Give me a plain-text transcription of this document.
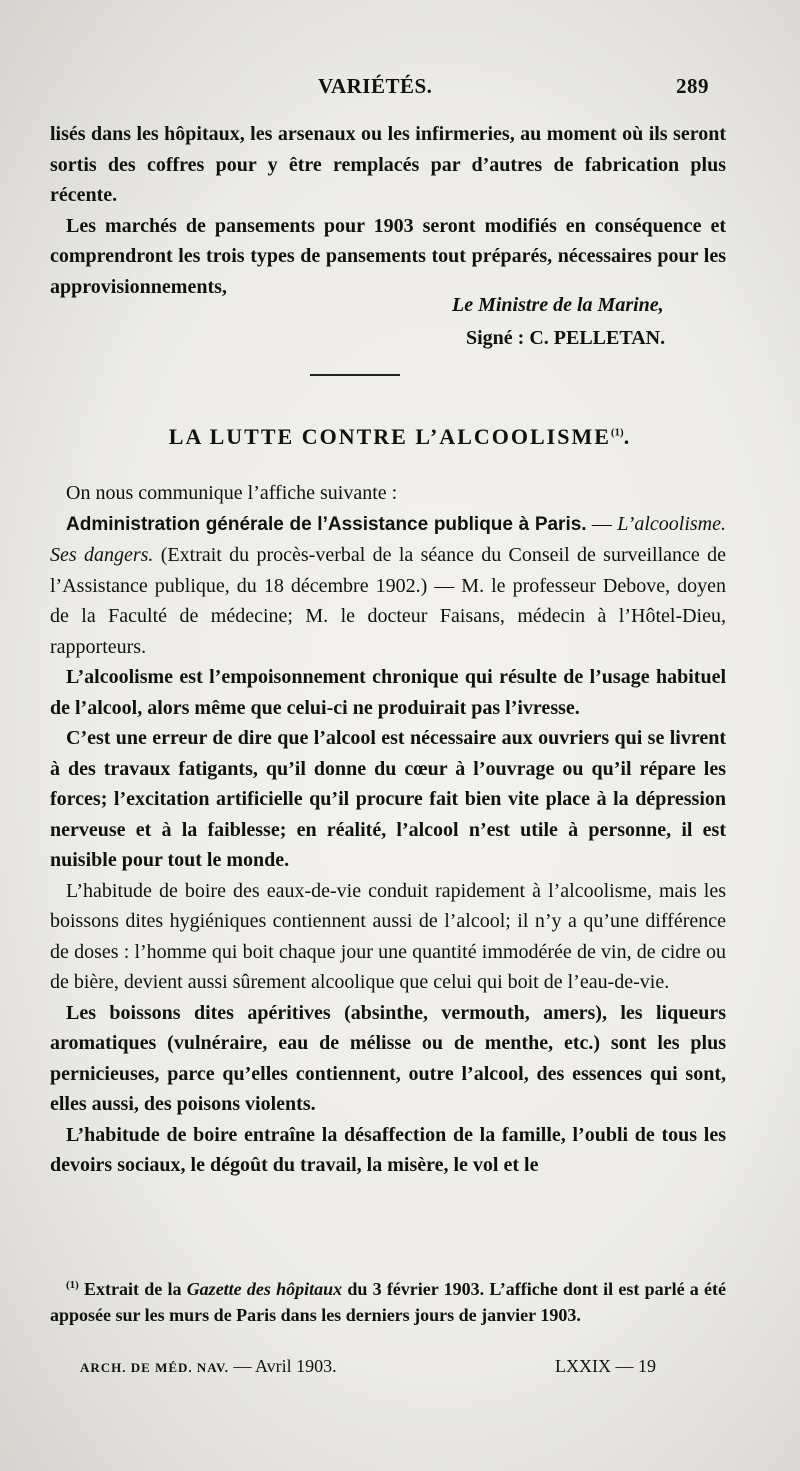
VARIÉTÉS.	289

lisés dans les hôpitaux, les arsenaux ou les infirmeries, au moment où ils seront sortis des coffres pour y être remplacés par d’autres de fabrication plus récente.

Les marchés de pansements pour 1903 seront modifiés en conséquence et comprendront les trois types de pansements tout préparés, nécessaires pour les approvisionnements,

Le Ministre de la Marine,
Signé : C. PELLETAN.
LA LUTTE CONTRE L’ALCOOLISME$^{(1)}$.

On nous communique l’affiche suivante :

Administration générale de l’Assistance publique à Paris. — L’alcoolisme. Ses dangers. (Extrait du procès-verbal de la séance du Conseil de surveillance de l’Assistance publique, du 18 décembre 1902.) — M. le professeur Debove, doyen de la Faculté de médecine; M. le docteur Faisans, médecin à l’Hôtel-Dieu, rapporteurs.

L’alcoolisme est l’empoisonnement chronique qui résulte de l’usage habituel de l’alcool, alors même que celui-ci ne produirait pas l’ivresse.

C’est une erreur de dire que l’alcool est nécessaire aux ouvriers qui se livrent à des travaux fatigants, qu’il donne du cœur à l’ouvrage ou qu’il répare les forces; l’excitation artificielle qu’il procure fait bien vite place à la dépression nerveuse et à la faiblesse; en réalité, l’alcool n’est utile à personne, il est nuisible pour tout le monde.

L’habitude de boire des eaux-de-vie conduit rapidement à l’alcoolisme, mais les boissons dites hygiéniques contiennent aussi de l’alcool; il n’y a qu’une différence de doses : l’homme qui boit chaque jour une quantité immodérée de vin, de cidre ou de bière, devient aussi sûrement alcoolique que celui qui boit de l’eau-de-vie.

Les boissons dites apéritives (absinthe, vermouth, amers), les liqueurs aromatiques (vulnéraire, eau de mélisse ou de menthe, etc.) sont les plus pernicieuses, parce qu’elles contiennent, outre l’alcool, des essences qui sont, elles aussi, des poisons violents.

L’habitude de boire entraîne la désaffection de la famille, l’oubli de tous les devoirs sociaux, le dégoût du travail, la misère, le vol et le

$^{(1)}$ Extrait de la Gazette des hôpitaux du 3 février 1903. L’affiche dont il est parlé a été apposée sur les murs de Paris dans les derniers jours de janvier 1903.

ARCH. DE MÉD. NAV. — Avril 1903.	LXXIX — 19
